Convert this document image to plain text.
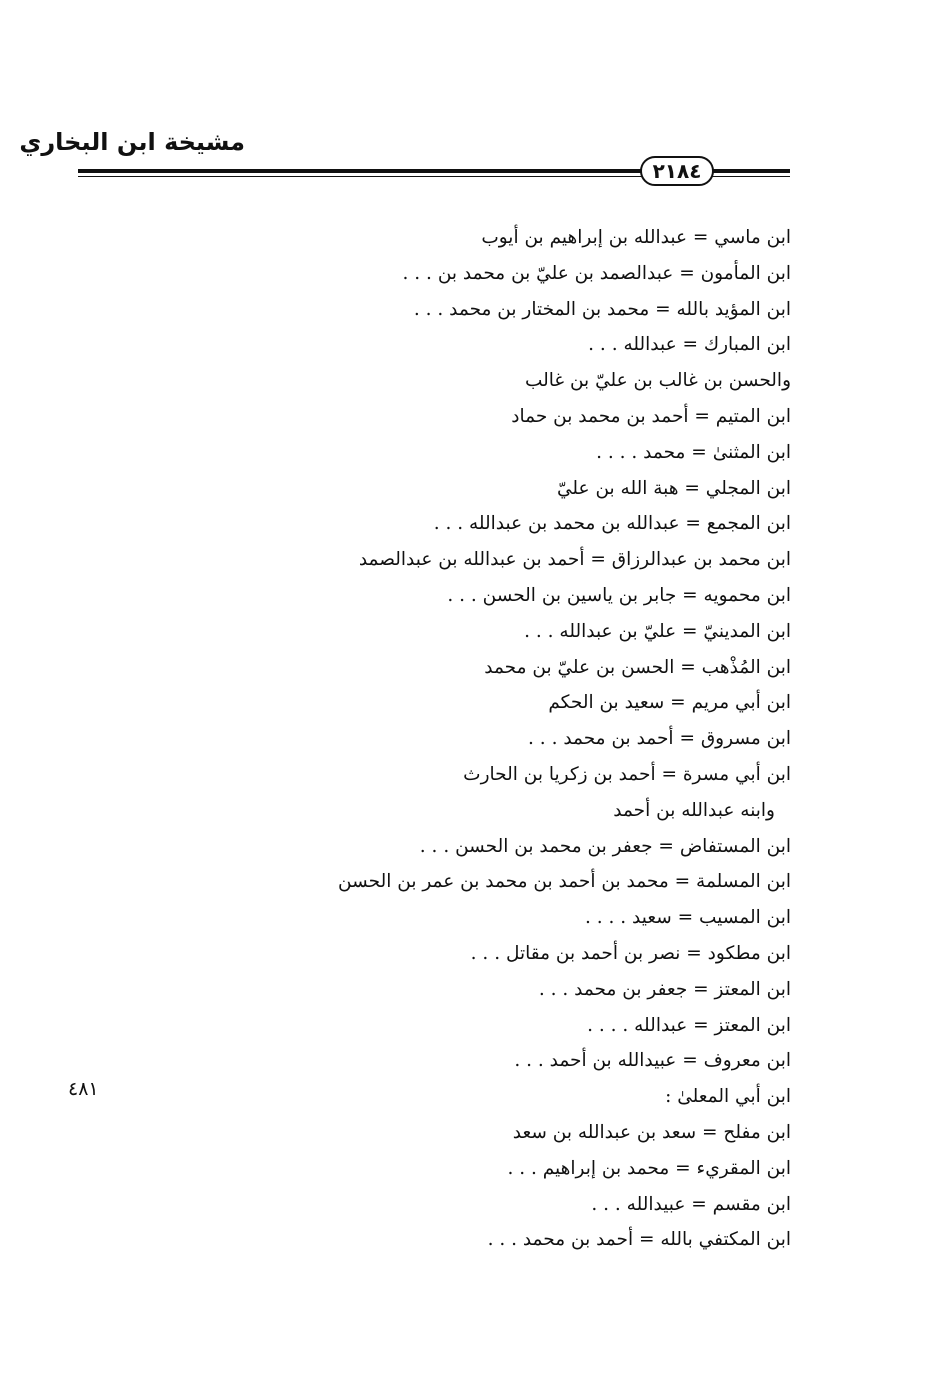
مشيخة ابن البخاري
٢١٨٤
ابن ماسي = عبدالله بن إبراهيم بن أيوب
ابن المأمون = عبدالصمد بن عليّ بن محمد بن . . .
ابن المؤيد بالله = محمد بن المختار بن محمد . . .
ابن المبارك = عبدالله . . .
والحسن بن غالب بن عليّ بن غالب
ابن المتيم = أحمد بن محمد بن حماد
ابن المثنىٰ = محمد . . . .
ابن المجلي = هبة الله بن عليّ
ابن المجمع = عبدالله بن محمد بن عبدالله . . .
ابن محمد بن عبدالرزاق = أحمد بن عبدالله بن عبدالصمد
ابن محمويه = جابر بن ياسين بن الحسن . . .
ابن المدينيّ = عليّ بن عبدالله . . .
ابن المُذْهب = الحسن بن عليّ بن محمد
ابن أبي مريم = سعيد بن الحكم
ابن مسروق = أحمد بن محمد . . .
ابن أبي مسرة = أحمد بن زكريا بن الحارث
وابنه عبدالله بن أحمد
ابن المستفاض = جعفر بن محمد بن الحسن . . .
ابن المسلمة = محمد بن أحمد بن محمد بن عمر بن الحسن
ابن المسيب = سعيد . . . .
ابن مطكود = نصر بن أحمد بن مقاتل . . .
ابن المعتز = جعفر بن محمد . . .
ابن المعتز = عبدالله . . . .
ابن معروف = عبيدالله بن أحمد . . .
ابن أبي المعلىٰ :
ابن مفلح = سعد بن عبدالله بن سعد
ابن المقريء = محمد بن إبراهيم . . .
ابن مقسم = عبيدالله . . .
ابن المكتفي بالله = أحمد بن محمد . . .
٤٨١
